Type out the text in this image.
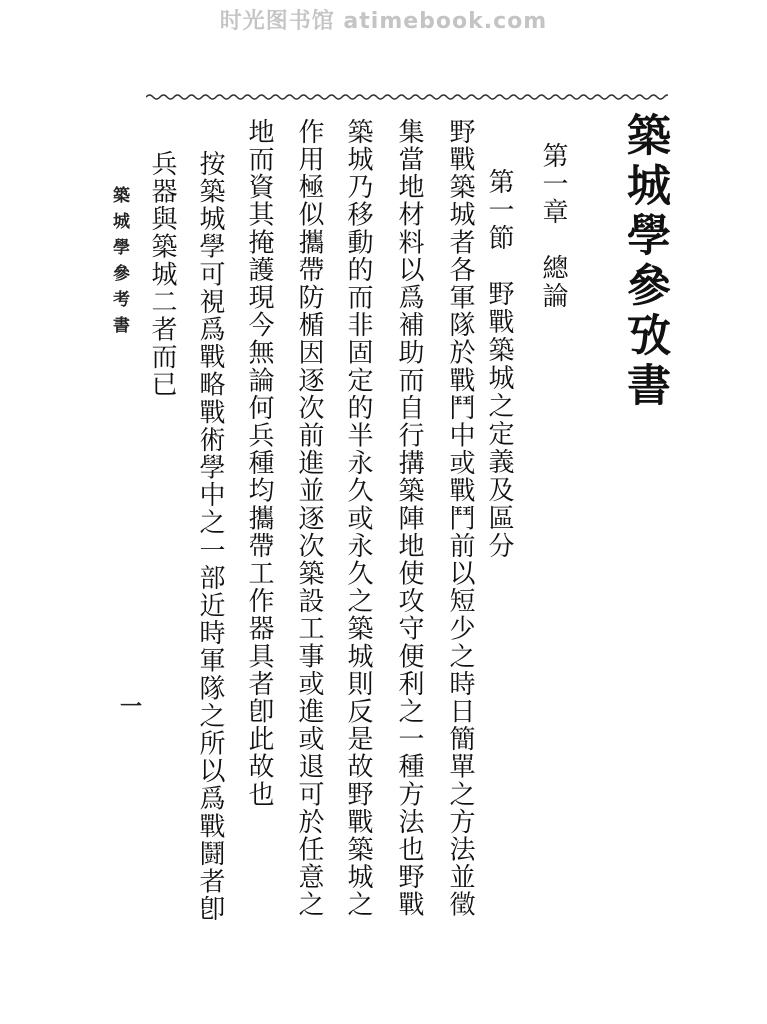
时光图书馆 atimebook.com
築城學參攷書
第一章　總論
第一節　野戰築城之定義及區分
野戰築城者各軍隊於戰鬥中或戰鬥前以短少之時日簡單之方法並徵
集當地材料以爲補助而自行搆築陣地使攻守便利之一種方法也野戰
築城乃移動的而非固定的半永久或永久之築城則反是故野戰築城之
作用極似攜帶防楯因逐次前進並逐次築設工事或進或退可於任意之
地而資其掩護現今無論何兵種均攜帶工作器具者卽此故也
按築城學可視爲戰略戰術學中之一部近時軍隊之所以爲戰鬪者卽
兵器與築城二者而已
築城學參考書
一
